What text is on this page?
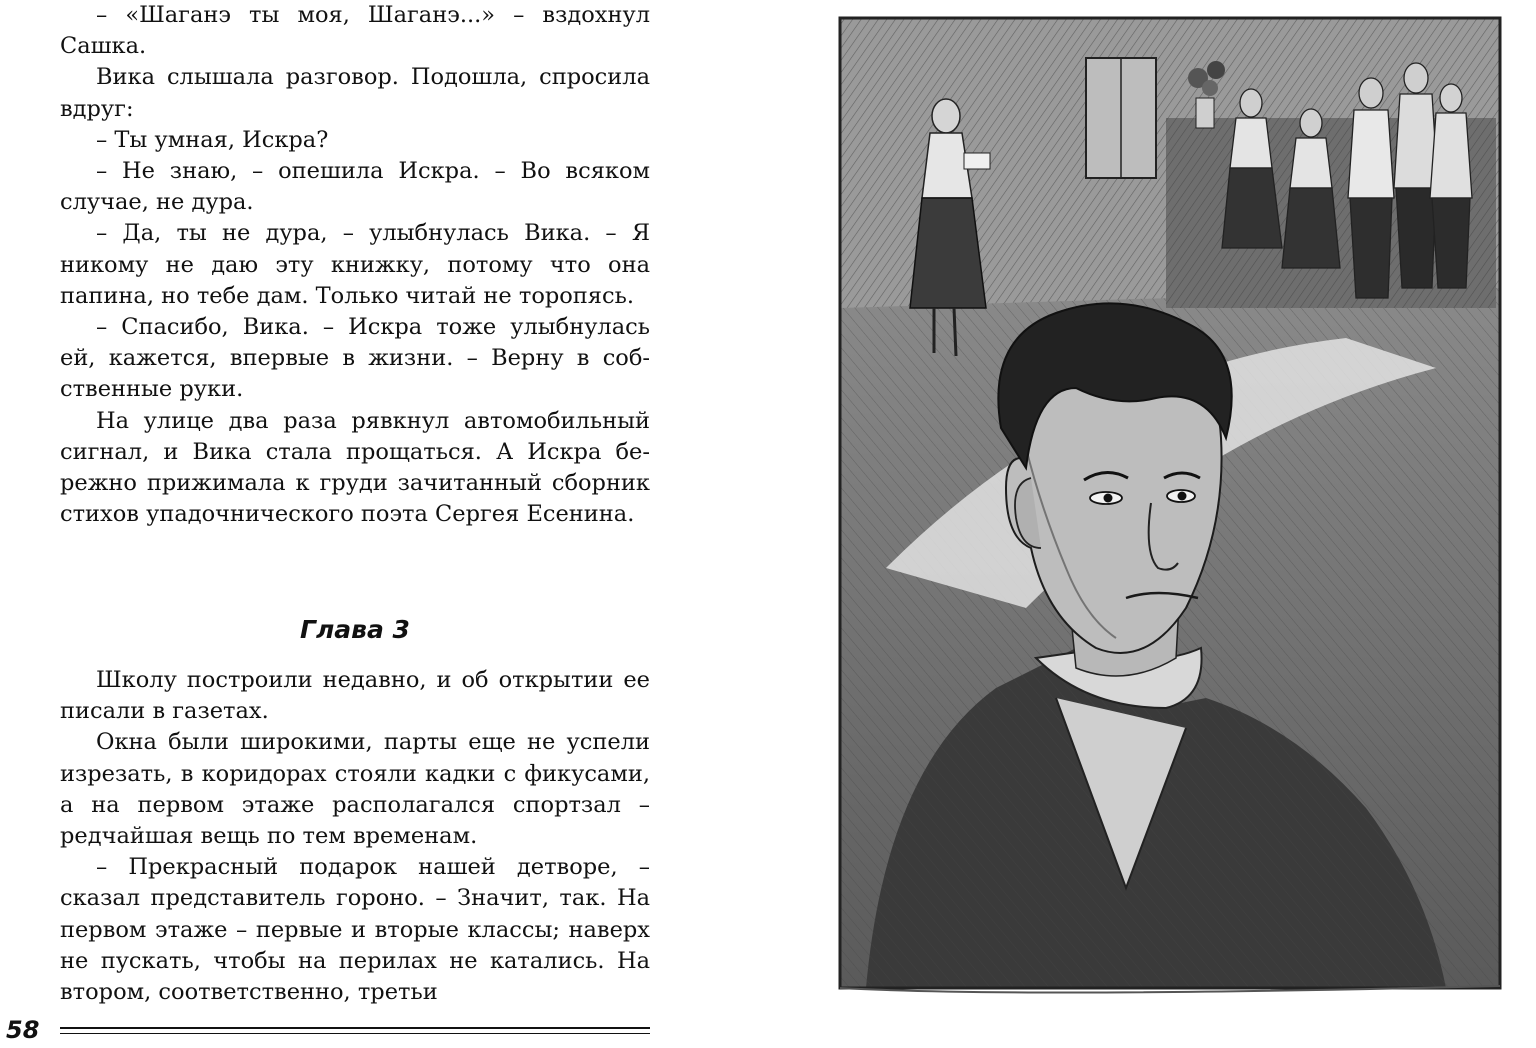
– «Шаганэ ты моя, Шаганэ...» – вздохнул Сашка.

Вика слышала разговор. Подошла, спросила вдруг:

– Ты умная, Искра?

– Не знаю, – опешила Искра. – Во всяком случае, не дура.

– Да, ты не дура, – улыбнулась Вика. – Я никому не даю эту книжку, потому что она папина, но тебе дам. Только читай не торопясь.

– Спасибо, Вика. – Искра тоже улыбнулась ей, кажется, впервые в жизни. – Верну в собственные руки.

На улице два раза рявкнул автомобильный сигнал, и Вика стала прощаться. А Искра бережно прижимала к груди зачитанный сборник стихов упадочнического поэта Сергея Есенина.

Глава 3

Школу построили недавно, и об открытии ее писали в газетах.

Окна были широкими, парты еще не успели изрезать, в коридорах стояли кадки с фикусами, а на первом этаже располагался спортзал – редчайшая вещь по тем временам.

– Прекрасный подарок нашей детворе, – сказал представитель гороно. – Значит, так. На первом этаже – первые и вторые классы; наверх не пускать, чтобы на перилах не катались. На втором, соответственно, третьи

58
